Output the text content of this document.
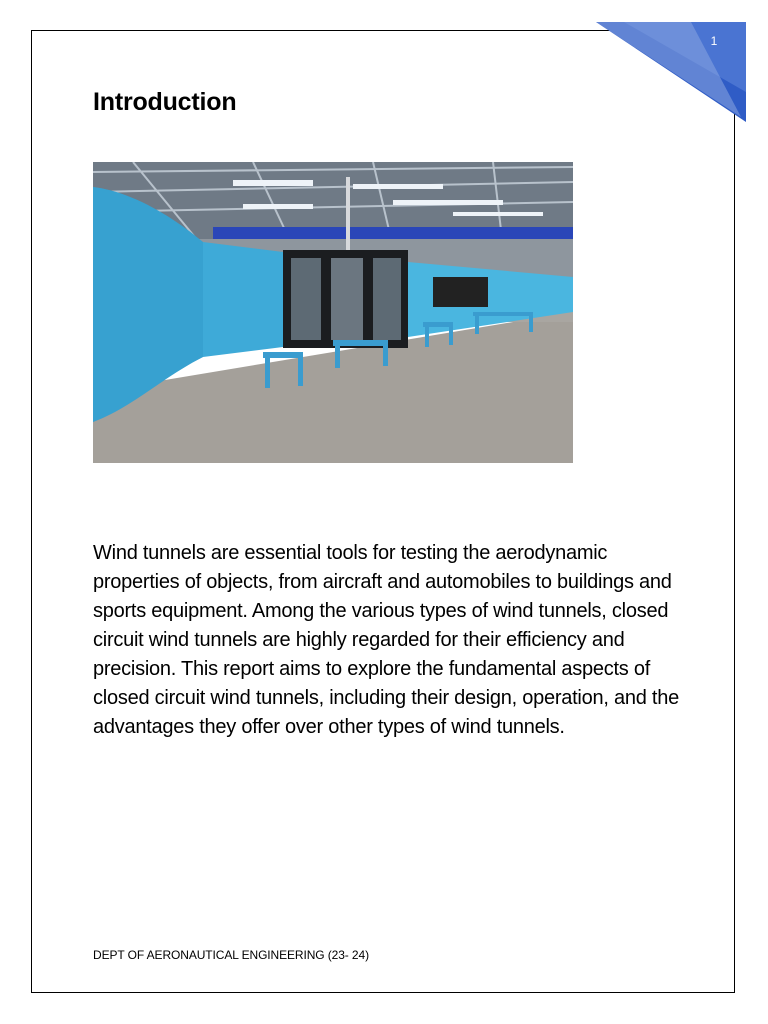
1
Introduction

Wind tunnels are essential tools for testing the aerodynamic properties of objects, from aircraft and automobiles to buildings and sports equipment. Among the various types of wind tunnels, closed circuit wind tunnels are highly regarded for their efficiency and precision. This report aims to explore the fundamental aspects of closed circuit wind tunnels, including their design, operation, and the advantages they offer over other types of wind tunnels.

DEPT OF AERONAUTICAL ENGINEERING (23- 24)
